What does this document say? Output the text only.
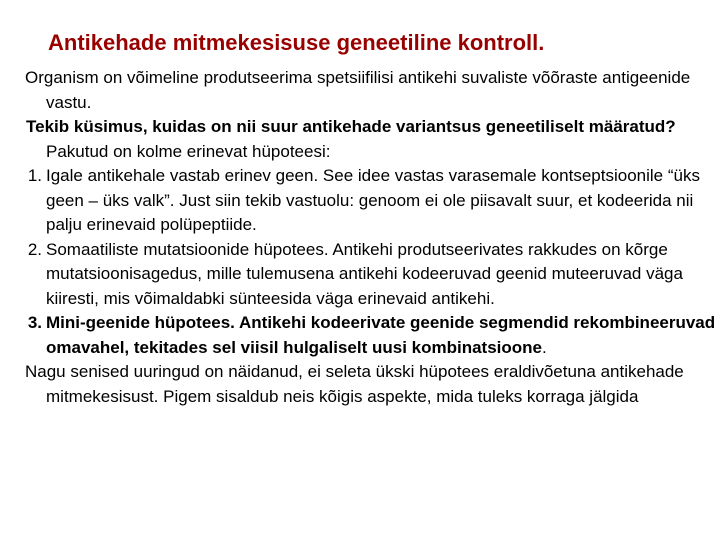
Antikehade mitmekesisuse geneetiline kontroll.
Organism on võimeline produtseerima spetsiifilisi antikehi suvaliste võõraste antigeenide vastu.
Tekib küsimus, kuidas on nii suur antikehade variantsus geneetiliselt määratud? Pakutud on kolme erinevat hüpoteesi:
1. Igale antikehale vastab erinev geen. See idee vastas varasemale kontseptsioonile “üks geen – üks valk”. Just siin tekib vastuolu: genoom ei ole piisavalt suur, et kodeerida nii palju erinevaid polüpeptiide.
2. Somaatiliste mutatsioonide hüpotees. Antikehi produtseerivates rakkudes on kõrge mutatsioonisagedus, mille tulemusena antikehi kodeeruvad geenid muteeruvad väga kiiresti, mis võimaldabki sünteesida väga erinevaid antikehi.
3. Mini-geenide hüpotees. Antikehi kodeerivate geenide segmendid rekombineeruvad omavahel, tekitades sel viisil hulgaliselt uusi kombinatsioone.
Nagu senised uuringud on näidanud, ei seleta ükski hüpotees eraldivõetuna antikehade mitmekesisust. Pigem sisaldub neis kõigis aspekte, mida tuleks korraga jälgida
